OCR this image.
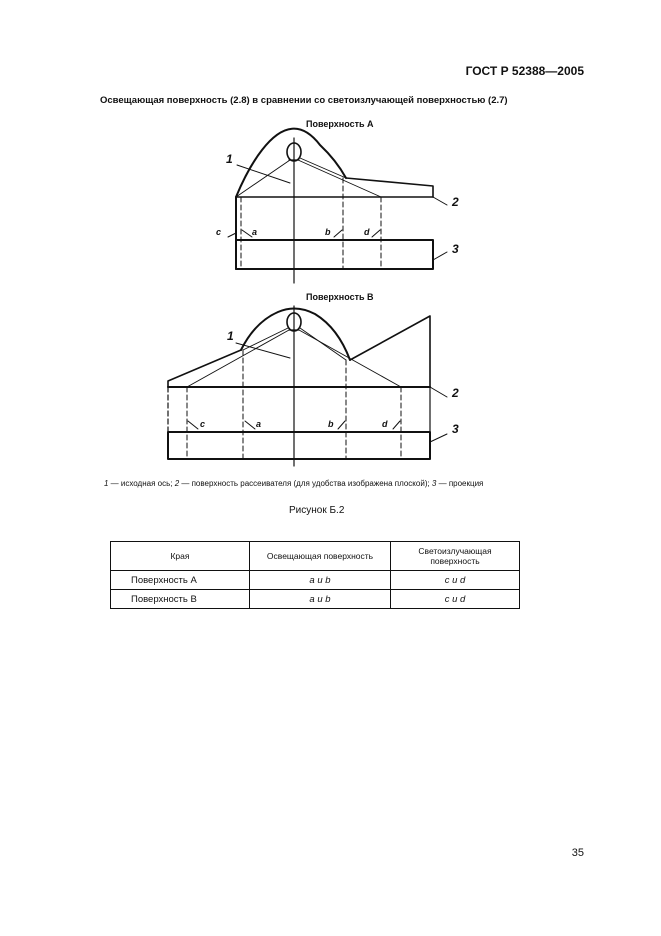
ГОСТ Р 52388—2005
Освещающая поверхность (2.8) в сравнении со светоизлучающей поверхностью (2.7)
Поверхность А
Поверхность В
1
2
3
c	a	b	d
1
2
3
c	a	b	d
1 — исходная ось; 2 — поверхность рассеивателя (для удобства изображена плоской); 3 — проекция
Рисунок Б.2
Края	Освещающая поверхность	Светоизлучающая поверхность
Поверхность А	a и b	c и d
Поверхность В	a и b	c и d
35
